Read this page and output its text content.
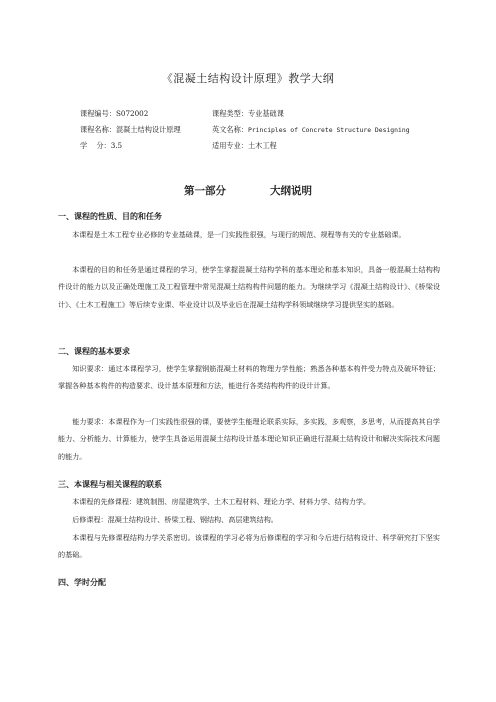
《混凝土结构设计原理》教学大纲
课程编号：S072002
课程名称：混凝土结构设计原理
学    分：3.5
课程类型：专业基础课
英文名称：Principles of Concrete Structure Designing
适用专业：土木工程
第一部分	大纲说明
一、课程的性质、目的和任务
本课程是土木工程专业必修的专业基础课，是一门实践性很强，与现行的规范、规程等有关的专业基础课。
本课程的目的和任务是通过课程的学习，使学生掌握混凝土结构学科的基本理论和基本知识，具备一般混凝土结构构件设计的能力以及正确处理施工及工程管理中常见混凝土结构构件问题的能力。为继续学习《混凝土结构设计》、《桥梁设计》、《土木工程施工》等后续专业课、毕业设计以及毕业后在混凝土结构学科领域继续学习提供坚实的基础。
二、课程的基本要求
知识要求：通过本课程学习，使学生掌握钢筋混凝土材料的物理力学性能；熟悉各种基本构件受力特点及破坏特征；掌握各种基本构件的构造要求、设计基本原理和方法，能进行各类结构构件的设计计算。
能力要求：本课程作为一门实践性很强的课，要使学生能理论联系实际，多实践，多观察，多思考，从而提高其自学能力、分析能力、计算能力，使学生具备运用混凝土结构设计基本理论知识正确进行混凝土结构设计和解决实际技术问题的能力。
三、本课程与相关课程的联系
本课程的先修课程：建筑制图、房屋建筑学、土木工程材料、理论力学、材料力学、结构力学。
后修课程：混凝土结构设计、桥梁工程、钢结构、高层建筑结构。
本课程与先修课程结构力学关系密切。该课程的学习必将为后修课程的学习和今后进行结构设计、科学研究打下坚实的基础。
四、学时分配
